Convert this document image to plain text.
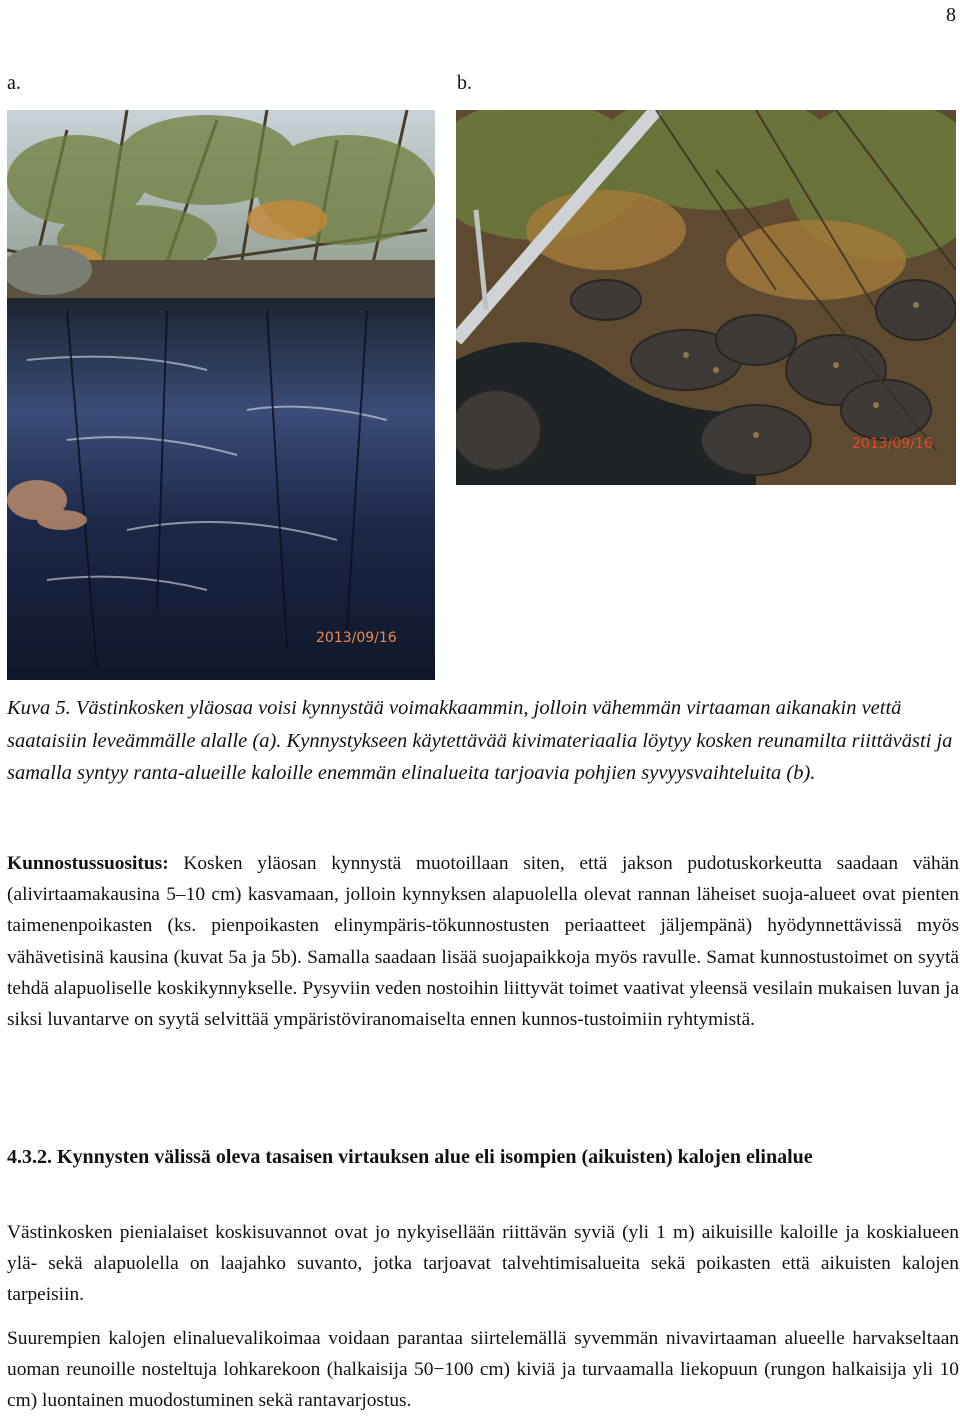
8
a.	b.
2013/09/16
2013/09/16

Kuva 5. Västinkosken yläosaa voisi kynnystää voimakkaammin, jolloin vähemmän virtaaman aikanakin vettä saataisiin leveämmälle alalle (a). Kynnystykseen käytettävää kivimateriaalia löytyy kosken reunamilta riittävästi ja samalla syntyy ranta-alueille kaloille enemmän elinalueita tarjoavia pohjien syvyysvaihteluita (b).

Kunnostussuositus: Kosken yläosan kynnystä muotoillaan siten, että jakson pudotuskorkeutta saadaan vähän (alivirtaamakausina 5–10 cm) kasvamaan, jolloin kynnyksen alapuolella olevat rannan läheiset suoja-alueet ovat pienten taimenenpoikasten (ks. pienpoikasten elinympäris-tökunnostusten periaatteet jäljempänä) hyödynnettävissä myös vähävetisinä kausina (kuvat 5a ja 5b). Samalla saadaan lisää suojapaikkoja myös ravulle. Samat kunnostustoimet on syytä tehdä alapuoliselle koskikynnykselle. Pysyviin veden nostoihin liittyvät toimet vaativat yleensä vesilain mukaisen luvan ja siksi luvantarve on syytä selvittää ympäristöviranomaiselta ennen kunnos-tustoimiin ryhtymistä.

4.3.2. Kynnysten välissä oleva tasaisen virtauksen alue eli isompien (aikuisten) kalojen elinalue

Västinkosken pienialaiset koskisuvannot ovat jo nykyisellään riittävän syviä (yli 1 m) aikuisille kaloille ja koskialueen ylä- sekä alapuolella on laajahko suvanto, jotka tarjoavat talvehtimisalueita sekä poikasten että aikuisten kalojen tarpeisiin.

Suurempien kalojen elinaluevalikoimaa voidaan parantaa siirtelemällä syvemmän nivavirtaaman alueelle harvakseltaan uoman reunoille nosteltuja lohkarekoon (halkaisija 50−100 cm) kiviä ja turvaamalla liekopuun (rungon halkaisija yli 10 cm) luontainen muodostuminen sekä rantavarjostus.
